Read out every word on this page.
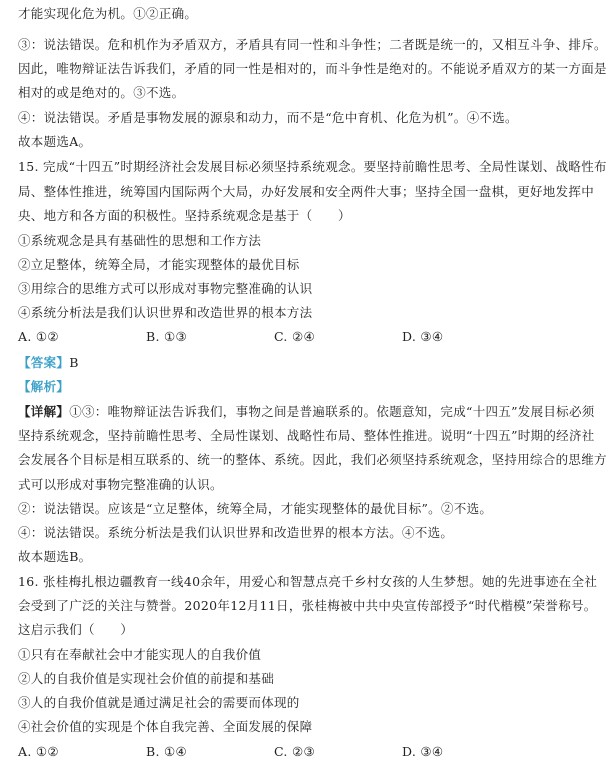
才能实现化危为机。①②正确。
③：说法错误。危和机作为矛盾双方，矛盾具有同一性和斗争性；二者既是统一的，又相互斗争、排斥。
因此，唯物辩证法告诉我们，矛盾的同一性是相对的，而斗争性是绝对的。不能说矛盾双方的某一方面是
相对的或是绝对的。③不选。
④：说法错误。矛盾是事物发展的源泉和动力，而不是“危中育机、化危为机”。④不选。
故本题选A。
15. 完成“十四五”时期经济社会发展目标必须坚持系统观念。要坚持前瞻性思考、全局性谋划、战略性布
局、整体性推进，统筹国内国际两个大局，办好发展和安全两件大事；坚持全国一盘棋，更好地发挥中
央、地方和各方面的积极性。坚持系统观念是基于（　　）
①系统观念是具有基础性的思想和工作方法
②立足整体，统筹全局，才能实现整体的最优目标
③用综合的思维方式可以形成对事物完整准确的认识
④系统分析法是我们认识世界和改造世界的根本方法
A. ①②	B. ①③	C. ②④	D. ③④
【答案】B
【解析】
【详解】①③：唯物辩证法告诉我们，事物之间是普遍联系的。依题意知，完成“十四五”发展目标必须
坚持系统观念，坚持前瞻性思考、全局性谋划、战略性布局、整体性推进。说明“十四五”时期的经济社
会发展各个目标是相互联系的、统一的整体、系统。因此，我们必须坚持系统观念，坚持用综合的思维方
式可以形成对事物完整准确的认识。
②：说法错误。应该是“立足整体，统筹全局，才能实现整体的最优目标”。②不选。
④：说法错误。系统分析法是我们认识世界和改造世界的根本方法。④不选。
故本题选B。
16. 张桂梅扎根边疆教育一线40余年，用爱心和智慧点亮千乡村女孩的人生梦想。她的先进事迹在全社
会受到了广泛的关注与赞誉。2020年12月11日，张桂梅被中共中央宣传部授予“时代楷模”荣誉称号。
这启示我们（　　）
①只有在奉献社会中才能实现人的自我价值
②人的自我价值是实现社会价值的前提和基础
③人的自我价值就是通过满足社会的需要而体现的
④社会价值的实现是个体自我完善、全面发展的保障
A. ①②	B. ①④	C. ②③	D. ③④
